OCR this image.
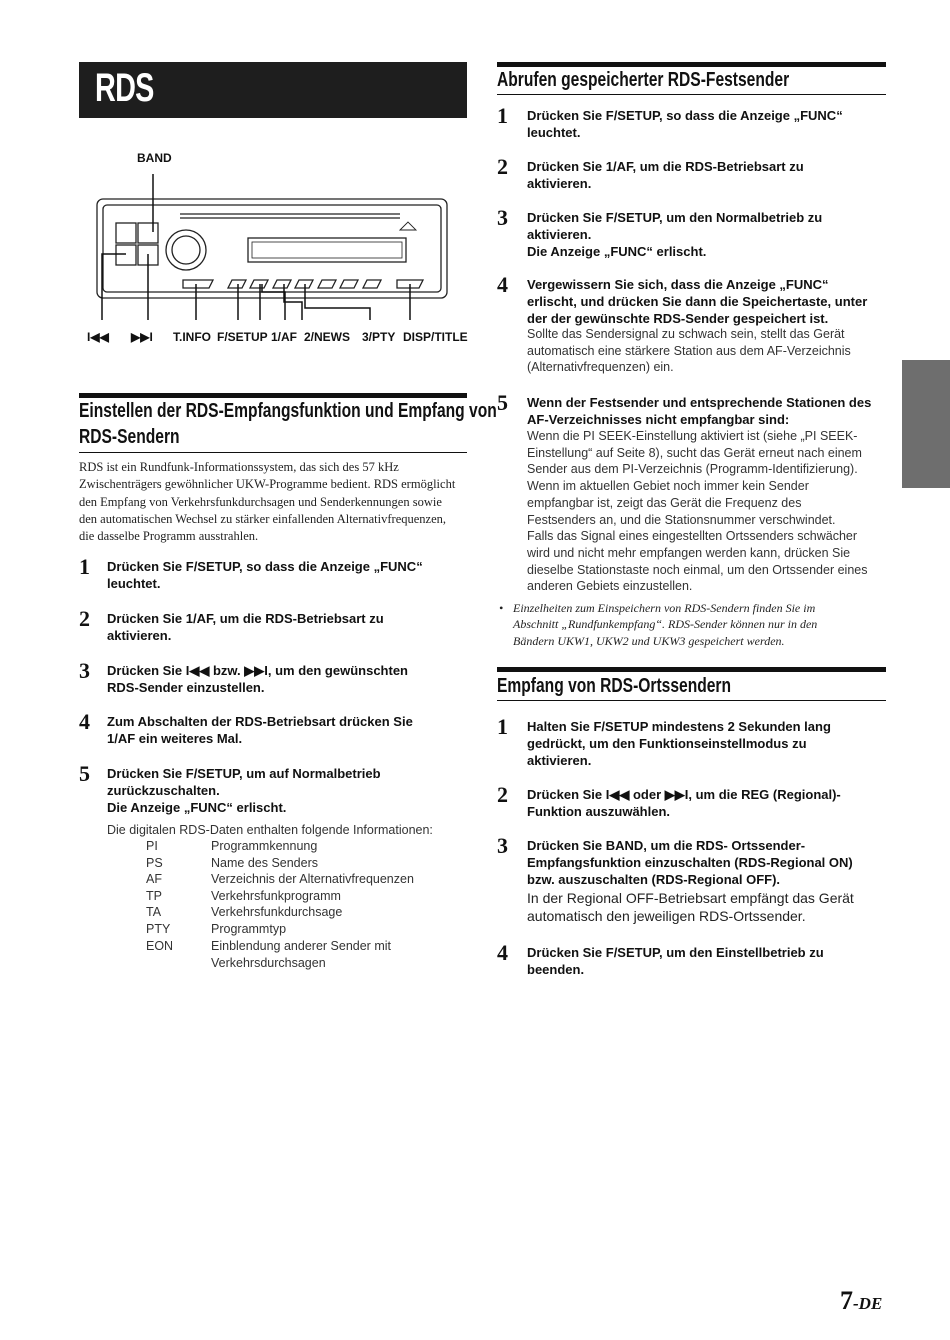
RDS
BAND
I◀◀ ▶▶I T.INFO F/SETUP 1/AF 2/NEWS 3/PTY DISP/TITLE
Einstellen der RDS-Empfangsfunktion und Empfang von
RDS-Sendern
RDS ist ein Rundfunk-Informationssystem, das sich des 57 kHz
Zwischenträgers gewöhnlicher UKW-Programme bedient. RDS ermöglicht
den Empfang von Verkehrsfunkdurchsagen und Senderkennungen sowie
den automatischen Wechsel zu stärker einfallenden Alternativfrequenzen,
die dasselbe Programm ausstrahlen.
1 Drücken Sie F/SETUP, so dass die Anzeige „FUNC“
leuchtet.
2 Drücken Sie 1/AF, um die RDS-Betriebsart zu
aktivieren.
3 Drücken Sie I◀◀ bzw. ▶▶I, um den gewünschten
RDS-Sender einzustellen.
4 Zum Abschalten der RDS-Betriebsart drücken Sie
1/AF ein weiteres Mal.
5 Drücken Sie F/SETUP, um auf Normalbetrieb
zurückzuschalten.
Die Anzeige „FUNC“ erlischt.
Die digitalen RDS-Daten enthalten folgende Informationen:
PI	Programmkennung
PS	Name des Senders
AF	Verzeichnis der Alternativfrequenzen
TP	Verkehrsfunkprogramm
TA	Verkehrsfunkdurchsage
PTY	Programmtyp
EON	Einblendung anderer Sender mit
Verkehrsdurchsagen
Abrufen gespeicherter RDS-Festsender
1 Drücken Sie F/SETUP, so dass die Anzeige „FUNC“
leuchtet.
2 Drücken Sie 1/AF, um die RDS-Betriebsart zu
aktivieren.
3 Drücken Sie F/SETUP, um den Normalbetrieb zu
aktivieren.
Die Anzeige „FUNC“ erlischt.
4 Vergewissern Sie sich, dass die Anzeige „FUNC“
erlischt, und drücken Sie dann die Speichertaste, unter
der der gewünschte RDS-Sender gespeichert ist.
Sollte das Sendersignal zu schwach sein, stellt das Gerät
automatisch eine stärkere Station aus dem AF-Verzeichnis
(Alternativfrequenzen) ein.
5 Wenn der Festsender und entsprechende Stationen des
AF-Verzeichnisses nicht empfangbar sind:
Wenn die PI SEEK-Einstellung aktiviert ist (siehe „PI SEEK-
Einstellung“ auf Seite 8), sucht das Gerät erneut nach einem
Sender aus dem PI-Verzeichnis (Programm-Identifizierung).
Wenn im aktuellen Gebiet noch immer kein Sender
empfangbar ist, zeigt das Gerät die Frequenz des
Festsenders an, und die Stationsnummer verschwindet.
Falls das Signal eines eingestellten Ortssenders schwächer
wird und nicht mehr empfangen werden kann, drücken Sie
dieselbe Stationstaste noch einmal, um den Ortssender eines
anderen Gebiets einzustellen.
• Einzelheiten zum Einspeichern von RDS-Sendern finden Sie im
Abschnitt „Rundfunkempfang“. RDS-Sender können nur in den
Bändern UKW1, UKW2 und UKW3 gespeichert werden.
Empfang von RDS-Ortssendern
1 Halten Sie F/SETUP mindestens 2 Sekunden lang
gedrückt, um den Funktionseinstellmodus zu
aktivieren.
2 Drücken Sie I◀◀ oder ▶▶I, um die REG (Regional)-
Funktion auszuwählen.
3 Drücken Sie BAND, um die RDS- Ortssender-
Empfangsfunktion einzuschalten (RDS-Regional ON)
bzw. auszuschalten (RDS-Regional OFF).
In der Regional OFF-Betriebsart empfängt das Gerät
automatisch den jeweiligen RDS-Ortssender.
4 Drücken Sie F/SETUP, um den Einstellbetrieb zu
beenden.
7-DE
